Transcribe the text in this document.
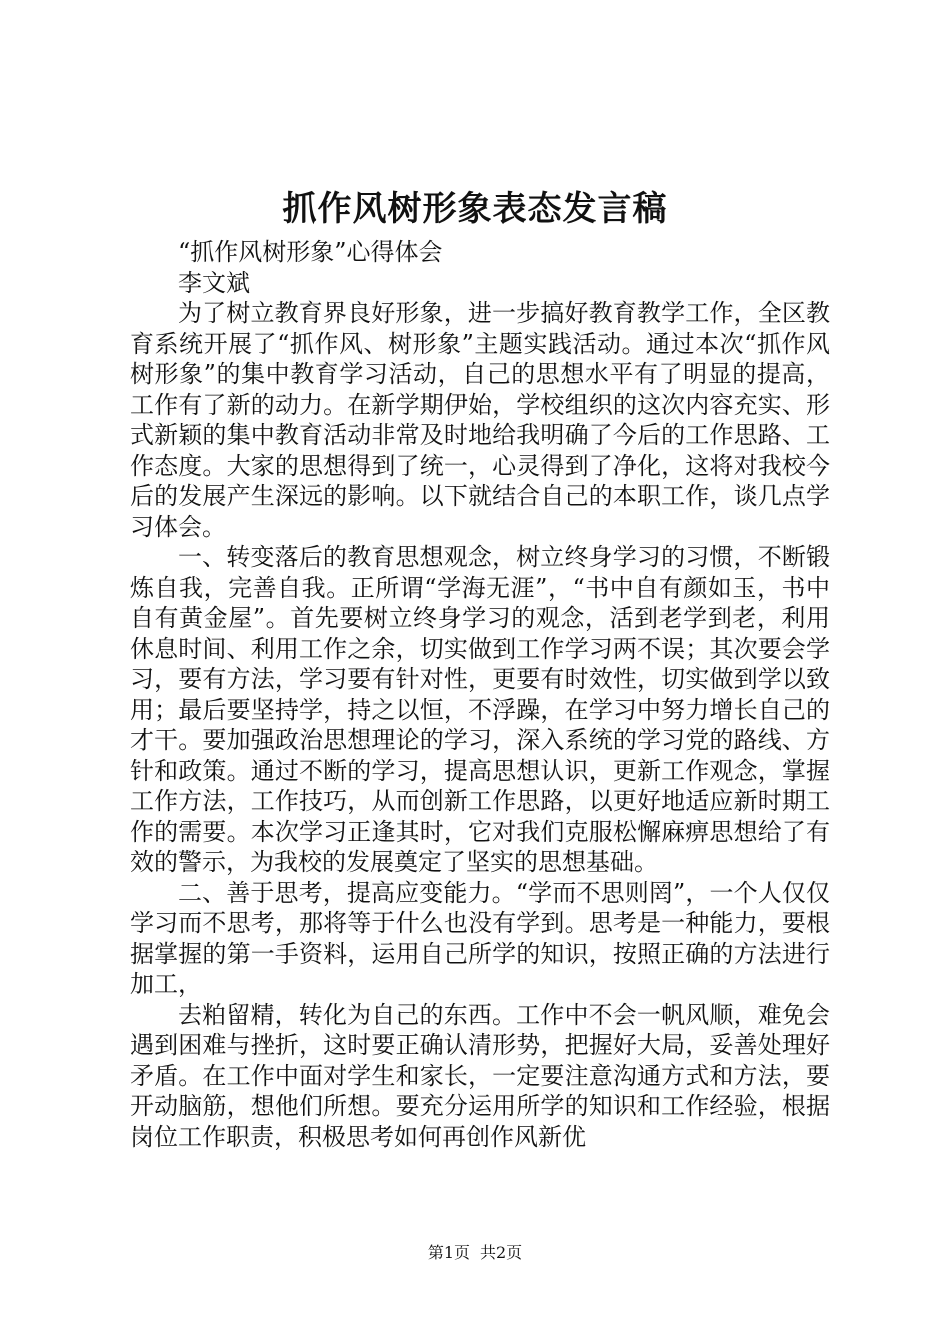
抓作风树形象表态发言稿

“抓作风树形象”心得体会

李文斌

为了树立教育界良好形象，进一步搞好教育教学工作，全区教育系统开展了“抓作风、树形象”主题实践活动。通过本次“抓作风树形象”的集中教育学习活动，自己的思想水平有了明显的提高，工作有了新的动力。在新学期伊始，学校组织的这次内容充实、形式新颖的集中教育活动非常及时地给我明确了今后的工作思路、工作态度。大家的思想得到了统一，心灵得到了净化，这将对我校今后的发展产生深远的影响。以下就结合自己的本职工作，谈几点学习体会。

一、转变落后的教育思想观念，树立终身学习的习惯，不断锻炼自我，完善自我。正所谓“学海无涯”，“书中自有颜如玉，书中自有黄金屋”。首先要树立终身学习的观念，活到老学到老，利用休息时间、利用工作之余，切实做到工作学习两不误；其次要会学习，要有方法，学习要有针对性，更要有时效性，切实做到学以致用；最后要坚持学，持之以恒，不浮躁，在学习中努力增长自己的才干。要加强政治思想理论的学习，深入系统的学习党的路线、方针和政策。通过不断的学习，提高思想认识，更新工作观念，掌握工作方法，工作技巧，从而创新工作思路，以更好地适应新时期工作的需要。本次学习正逢其时，它对我们克服松懈麻痹思想给了有效的警示，为我校的发展奠定了坚实的思想基础。

二、善于思考，提高应变能力。“学而不思则罔”，一个人仅仅学习而不思考，那将等于什么也没有学到。思考是一种能力，要根据掌握的第一手资料，运用自己所学的知识，按照正确的方法进行加工，

去粕留精，转化为自己的东西。工作中不会一帆风顺，难免会遇到困难与挫折，这时要正确认清形势，把握好大局，妥善处理好矛盾。在工作中面对学生和家长，一定要注意沟通方式和方法，要开动脑筋，想他们所想。要充分运用所学的知识和工作经验，根据岗位工作职责，积极思考如何再创作风新优

第1页 共2页
